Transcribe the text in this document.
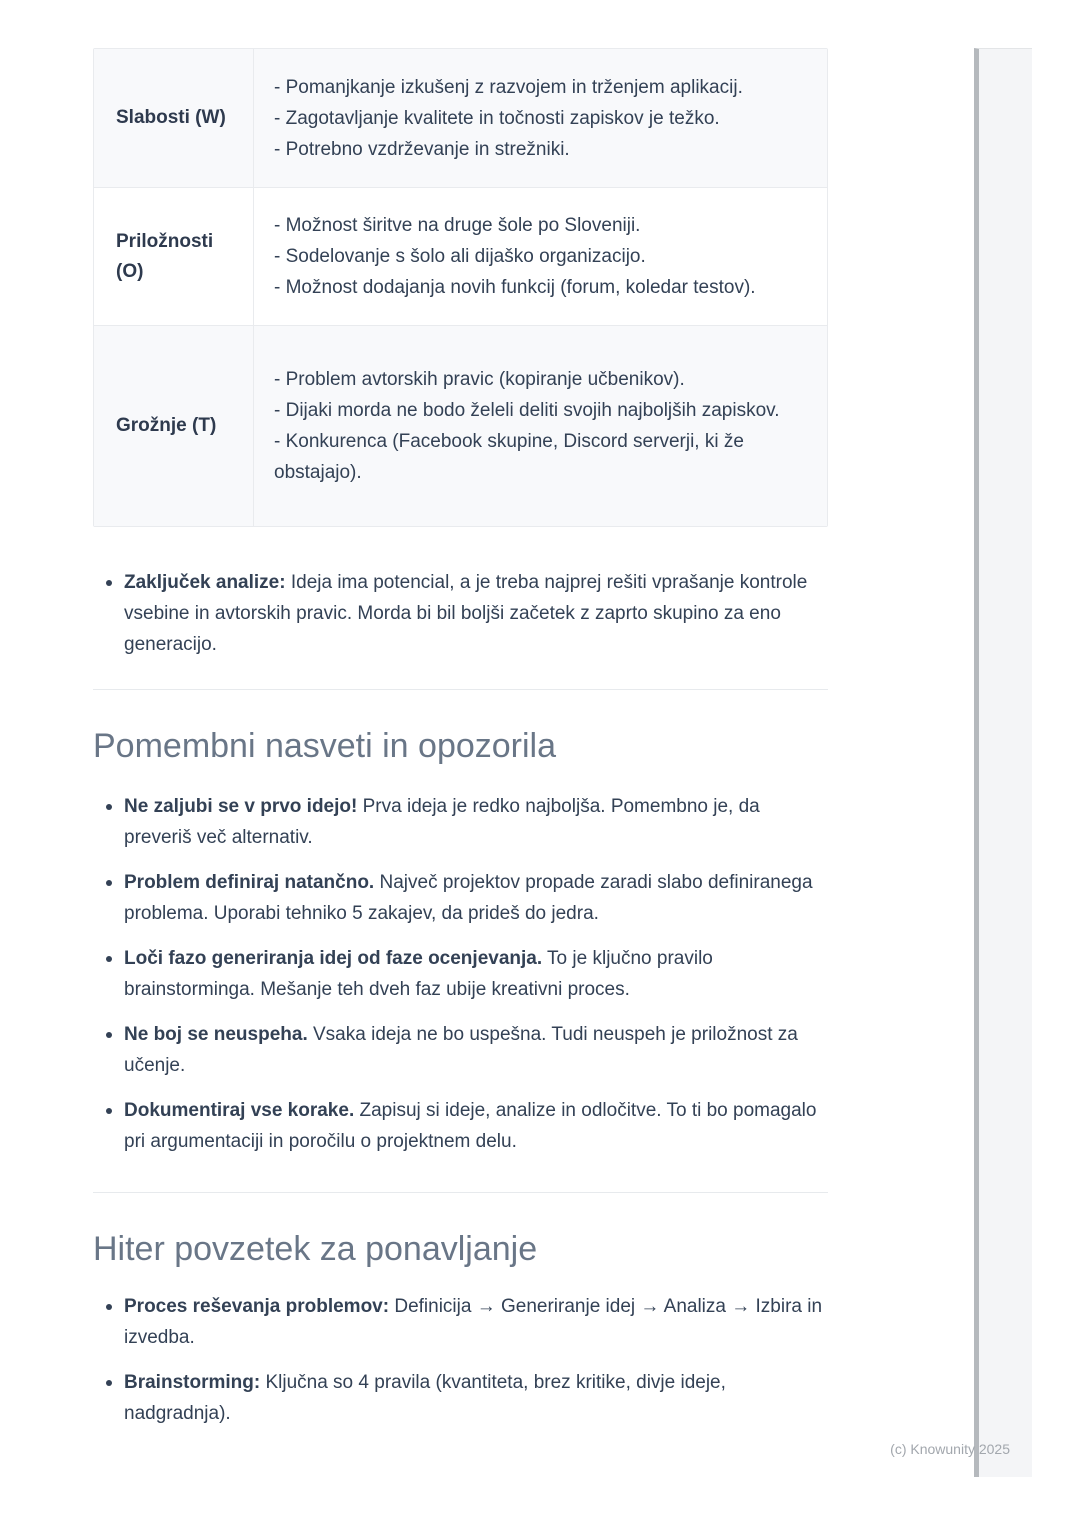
Slabosti (W)
- Pomanjkanje izkušenj z razvojem in trženjem aplikacij.
- Zagotavljanje kvalitete in točnosti zapiskov je težko.
- Potrebno vzdrževanje in strežniki.
Priložnosti (O)
- Možnost širitve na druge šole po Sloveniji.
- Sodelovanje s šolo ali dijaško organizacijo.
- Možnost dodajanja novih funkcij (forum, koledar testov).
Grožnje (T)
- Problem avtorskih pravic (kopiranje učbenikov).
- Dijaki morda ne bodo želeli deliti svojih najboljših zapiskov.
- Konkurenca (Facebook skupine, Discord serverji, ki že obstajajo).
Zaključek analize: Ideja ima potencial, a je treba najprej rešiti vprašanje kontrole vsebine in avtorskih pravic. Morda bi bil boljši začetek z zaprto skupino za eno generacijo.
Pomembni nasveti in opozorila
Ne zaljubi se v prvo idejo! Prva ideja je redko najboljša. Pomembno je, da preveriš več alternativ.
Problem definiraj natančno. Največ projektov propade zaradi slabo definiranega problema. Uporabi tehniko 5 zakajev, da prideš do jedra.
Loči fazo generiranja idej od faze ocenjevanja. To je ključno pravilo brainstorminga. Mešanje teh dveh faz ubije kreativni proces.
Ne boj se neuspeha. Vsaka ideja ne bo uspešna. Tudi neuspeh je priložnost za učenje.
Dokumentiraj vse korake. Zapisuj si ideje, analize in odločitve. To ti bo pomagalo pri argumentaciji in poročilu o projektnem delu.
Hiter povzetek za ponavljanje
Proces reševanja problemov: Definicija → Generiranje idej → Analiza → Izbira in izvedba.
Brainstorming: Ključna so 4 pravila (kvantiteta, brez kritike, divje ideje, nadgradnja).
(c) Knowunity 2025
